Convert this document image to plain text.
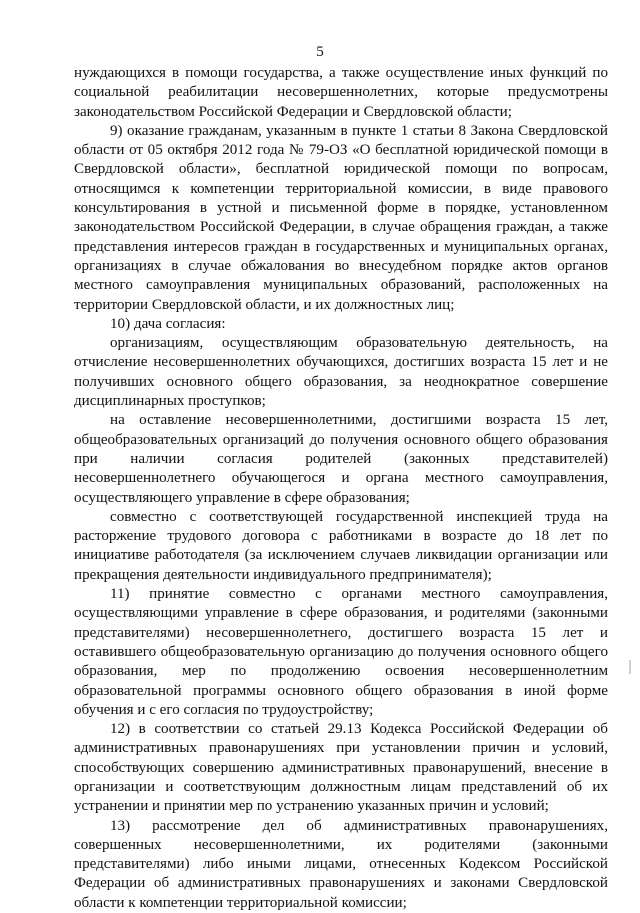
5

нуждающихся в помощи государства, а также осуществление иных функций по социальной реабилитации несовершеннолетних, которые предусмотрены законодательством Российской Федерации и Свердловской области;

9) оказание гражданам, указанным в пункте 1 статьи 8 Закона Свердловской области от 05 октября 2012 года № 79-ОЗ «О бесплатной юридической помощи в Свердловской области», бесплатной юридической помощи по вопросам, относящимся к компетенции территориальной комиссии, в виде правового консультирования в устной и письменной форме в порядке, установленном законодательством Российской Федерации, в случае обращения граждан, а также представления интересов граждан в государственных и муниципальных органах, организациях в случае обжалования во внесудебном порядке актов органов местного самоуправления муниципальных образований, расположенных на территории Свердловской области, и их должностных лиц;

10) дача согласия:

организациям, осуществляющим образовательную деятельность, на отчисление несовершеннолетних обучающихся, достигших возраста 15 лет и не получивших основного общего образования, за неоднократное совершение дисциплинарных проступков;

на оставление несовершеннолетними, достигшими возраста 15 лет, общеобразовательных организаций до получения основного общего образования при наличии согласия родителей (законных представителей) несовершеннолетнего обучающегося и органа местного самоуправления, осуществляющего управление в сфере образования;

совместно с соответствующей государственной инспекцией труда на расторжение трудового договора с работниками в возрасте до 18 лет по инициативе работодателя (за исключением случаев ликвидации организации или прекращения деятельности индивидуального предпринимателя);

11) принятие совместно с органами местного самоуправления, осуществляющими управление в сфере образования, и родителями (законными представителями) несовершеннолетнего, достигшего возраста 15 лет и оставившего общеобразовательную организацию до получения основного общего образования, мер по продолжению освоения несовершеннолетним образовательной программы основного общего образования в иной форме обучения и с его согласия по трудоустройству;

12) в соответствии со статьей 29.13 Кодекса Российской Федерации об административных правонарушениях при установлении причин и условий, способствующих совершению административных правонарушений, внесение в организации и соответствующим должностным лицам представлений об их устранении и принятии мер по устранению указанных причин и условий;

13) рассмотрение дел об административных правонарушениях, совершенных несовершеннолетними, их родителями (законными представителями) либо иными лицами, отнесенных Кодексом Российской Федерации об административных правонарушениях и законами Свердловской области к компетенции территориальной комиссии;
